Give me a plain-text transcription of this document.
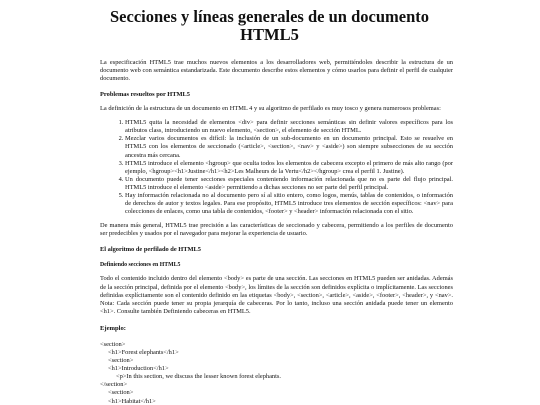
Secciones y líneas generales de un documento HTML5

La especificación HTML5 trae muchos nuevos elementos a los desarrolladores web, permitiéndoles describir la estructura de un documento web con semántica estandarizada. Este documento describe estos elementos y cómo usarlos para definir el perfil de cualquier documento.

Problemas resueltos por HTML5

La definición de la estructura de un documento en HTML 4 y su algoritmo de perfilado es muy tosco y genera numerosos problemas:

1. HTML5 quita la necesidad de elementos <div> para definir secciones semánticas sin definir valores específicos para los atributos class, introduciendo un nuevo elemento, <section>, el elemento de sección HTML.
2. Mezclar varios documentos es difícil: la inclusión de un sub-documento en un documento principal. Esto se resuelve en HTML5 con los elementos de seccionado (<article>, <section>, <nav> y <aside>) son siempre subsecciones de su sección ancestra más cercana.
3. HTML5 introduce el elemento <hgroup> que oculta todos los elementos de cabecera excepto el primero de más alto rango (por ejemplo, <hgroup><h1>Justine</h1><h2>Les Malheurs de la Vertu</h2></hgroup> crea el perfil 1. Justine).
4. Un documento puede tener secciones especiales conteniendo información relacionada que no es parte del flujo principal. HTML5 introduce el elemento <aside> permitiendo a dichas secciones no ser parte del perfil principal.
5. Hay información relacionada no al documento pero sí al sitio entero, como logos, menús, tablas de contenidos, o información de derechos de autor y textos legales. Para ese propósito, HTML5 introduce tres elementos de sección específicos: <nav> para colecciones de enlaces, como una tabla de contenidos, <footer> y <header> información relacionada con el sitio.

De manera más general, HTML5 trae precisión a las características de seccionado y cabecera, permitiendo a los perfiles de documento ser predecibles y usados por el navegador para mejorar la experiencia de usuario.

El algoritmo de perfilado de HTML5
Definiendo secciones en HTML5

Todo el contenido incluido dentro del elemento <body> es parte de una sección. Las secciones en HTML5 pueden ser anidadas. Además de la sección principal, definida por el elemento <body>, los límites de la sección son definidos explícita o implícitamente. Las secciones definidas explícitamente son el contenido definido en las etiquetas <body>, <section>, <article>, <aside>, <footer>, <header>, y <nav>. Nota: Cada sección puede tener su propia jerarquía de cabeceras. Por lo tanto, incluso una sección anidada puede tener un elemento <h1>. Consulte también Definiendo cabeceras en HTML5.

Ejemplo:
<section>
<h1>Forest elephants</h1>
<section>
<h1>Introduction</h1>
<p>In this section, we discuss the lesser known forest elephants.
</section>
<section>
<h1>Habitat</h1>
